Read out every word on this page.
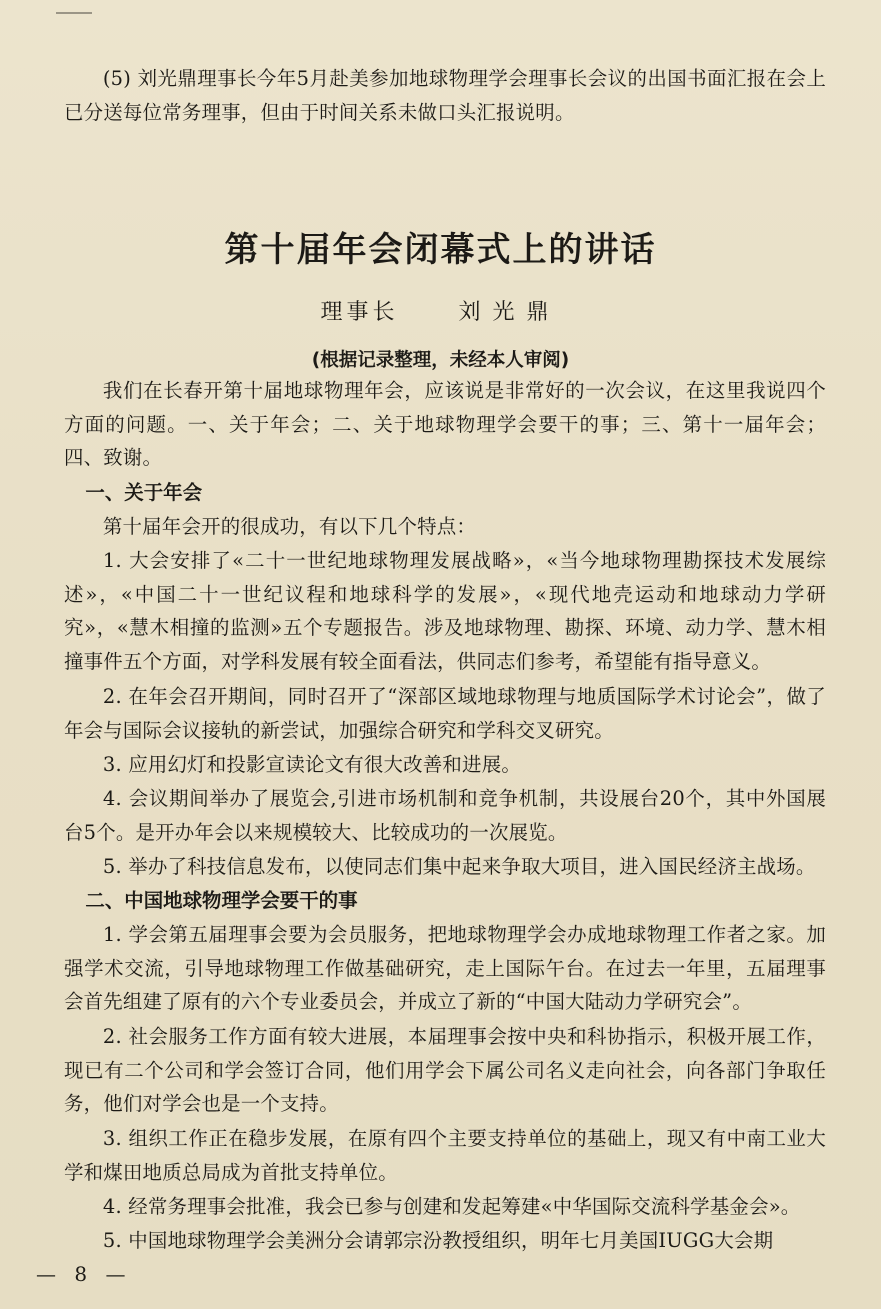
(5) 刘光鼎理事长今年5月赴美参加地球物理学会理事长会议的出国书面汇报在会上已分送每位常务理事，但由于时间关系未做口头汇报说明。

第十届年会闭幕式上的讲话

理事长	刘光鼎

(根据记录整理，未经本人审阅)

我们在长春开第十届地球物理年会，应该说是非常好的一次会议，在这里我说四个方面的问题。一、关于年会；二、关于地球物理学会要干的事；三、第十一届年会；四、致谢。

一、关于年会

第十届年会开的很成功，有以下几个特点：

1. 大会安排了«二十一世纪地球物理发展战略»，«当今地球物理勘探技术发展综述»，«中国二十一世纪议程和地球科学的发展»，«现代地壳运动和地球动力学研究»，«慧木相撞的监测»五个专题报告。涉及地球物理、勘探、环境、动力学、慧木相撞事件五个方面，对学科发展有较全面看法，供同志们参考，希望能有指导意义。

2. 在年会召开期间，同时召开了“深部区域地球物理与地质国际学术讨论会”，做了年会与国际会议接轨的新尝试，加强综合研究和学科交叉研究。

3. 应用幻灯和投影宣读论文有很大改善和进展。

4. 会议期间举办了展览会,引进市场机制和竞争机制，共设展台20个，其中外国展台5个。是开办年会以来规模较大、比较成功的一次展览。

5. 举办了科技信息发布，以使同志们集中起来争取大项目，进入国民经济主战场。

二、中国地球物理学会要干的事

1. 学会第五届理事会要为会员服务，把地球物理学会办成地球物理工作者之家。加强学术交流，引导地球物理工作做基础研究，走上国际午台。在过去一年里，五届理事会首先组建了原有的六个专业委员会，并成立了新的“中国大陆动力学研究会”。

2. 社会服务工作方面有较大进展，本届理事会按中央和科协指示，积极开展工作，现已有二个公司和学会签订合同，他们用学会下属公司名义走向社会，向各部门争取任务，他们对学会也是一个支持。

3. 组织工作正在稳步发展，在原有四个主要支持单位的基础上，现又有中南工业大学和煤田地质总局成为首批支持单位。

4. 经常务理事会批准，我会已参与创建和发起筹建«中华国际交流科学基金会»。

— 8 —

5. 中国地球物理学会美洲分会请郭宗汾教授组织，明年七月美国IUGG大会期
